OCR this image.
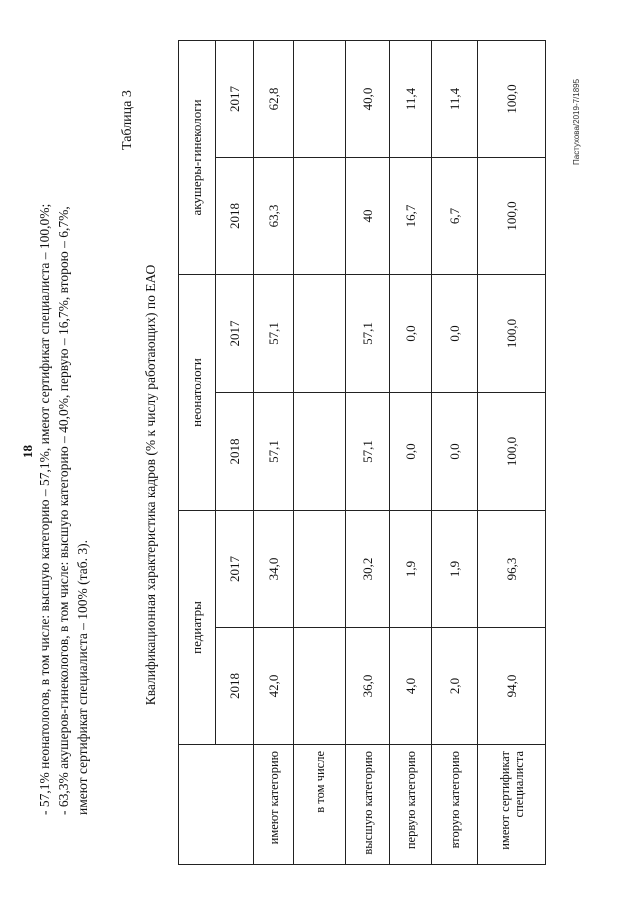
18 - 57,1% неонатологов, в том числе: высшую категорию – 57,1%, имеют сертификат специалиста – 100,0%; - 63,3% акушеров-гинекологов, в том числе: высшую категорию – 40,0%, первую – 16,7%, второю – 6,7%, имеют сертификат специалиста – 100% (таб. 3).
Таблица 3
Квалификационная характеристика кадров (% к числу работающих) по ЕАО
	педиатры		неонатологи		акушеры-гинекологи	
	2018	2017	2018	2017	2018	2017
имеют категорию	42,0	34,0	57,1	57,1	63,3	62,8
в том числе						
высшую категорию	36,0	30,2	57,1	57,1	40	40,0
первую категорию	4,0	1,9	0,0	0,0	16,7	11,4
вторую категорию	2,0	1,9	0,0	0,0	6,7	11,4
имеют сертификат специалиста	94,0	96,3	100,0	100,0	100,0	100,0	Пастухова/2019-7/1895
